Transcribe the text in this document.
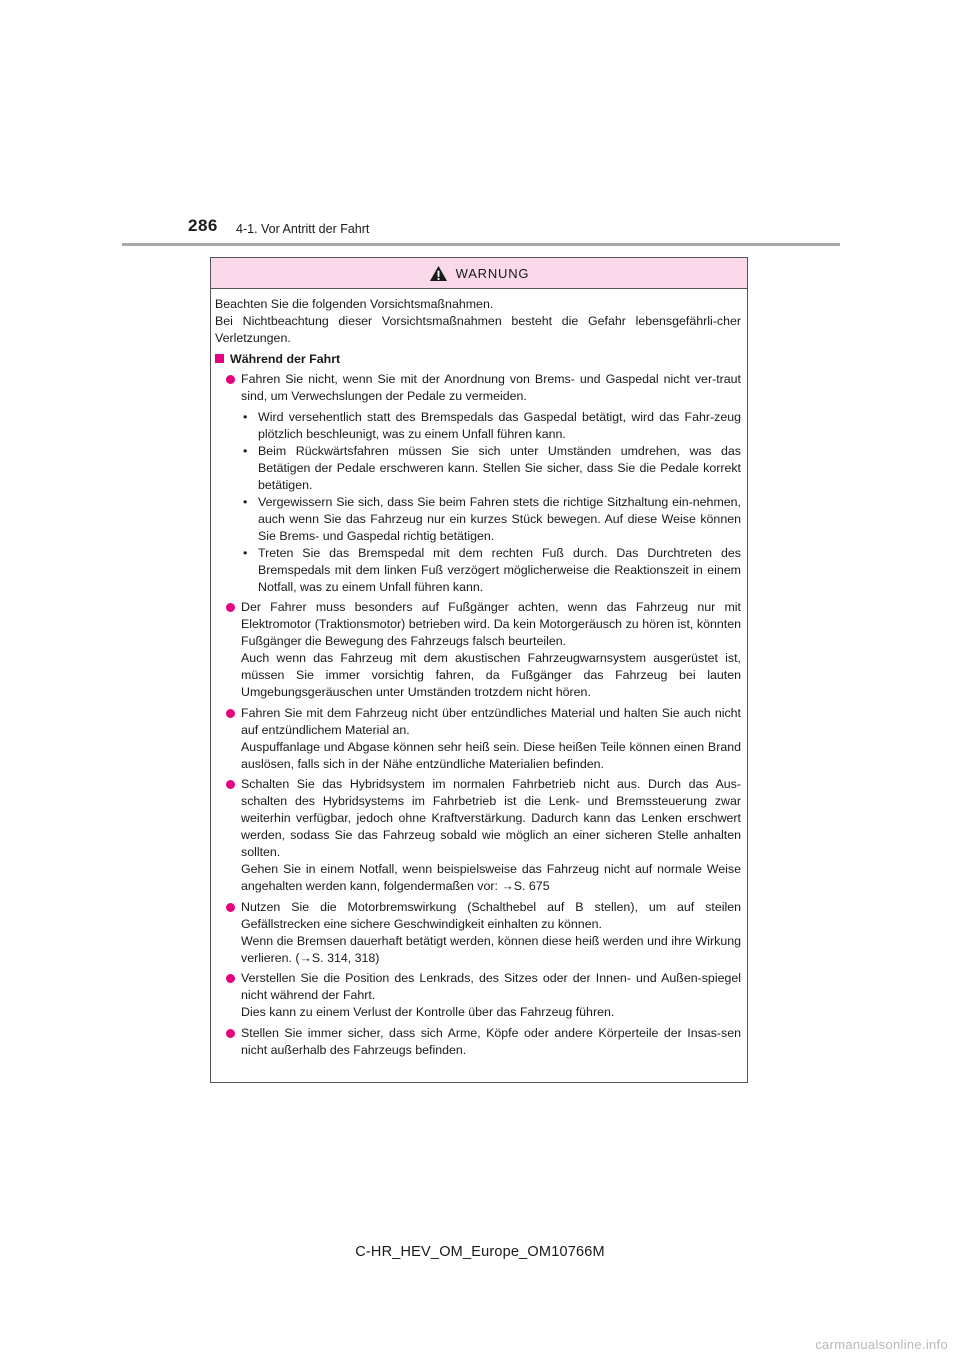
286 4-1. Vor Antritt der Fahrt
WARNUNG

Beachten Sie die folgenden Vorsichtsmaßnahmen.

Bei Nichtbeachtung dieser Vorsichtsmaßnahmen besteht die Gefahr lebensgefährli-cher Verletzungen.

Während der Fahrt

Fahren Sie nicht, wenn Sie mit der Anordnung von Brems- und Gaspedal nicht ver-traut sind, um Verwechslungen der Pedale zu vermeiden.

• Wird versehentlich statt des Bremspedals das Gaspedal betätigt, wird das Fahr-zeug plötzlich beschleunigt, was zu einem Unfall führen kann.
• Beim Rückwärtsfahren müssen Sie sich unter Umständen umdrehen, was das Betätigen der Pedale erschweren kann. Stellen Sie sicher, dass Sie die Pedale korrekt betätigen.
• Vergewissern Sie sich, dass Sie beim Fahren stets die richtige Sitzhaltung ein-nehmen, auch wenn Sie das Fahrzeug nur ein kurzes Stück bewegen. Auf diese Weise können Sie Brems- und Gaspedal richtig betätigen.
• Treten Sie das Bremspedal mit dem rechten Fuß durch. Das Durchtreten des Bremspedals mit dem linken Fuß verzögert möglicherweise die Reaktionszeit in einem Notfall, was zu einem Unfall führen kann.

Der Fahrer muss besonders auf Fußgänger achten, wenn das Fahrzeug nur mit Elektromotor (Traktionsmotor) betrieben wird. Da kein Motorgeräusch zu hören ist, könnten Fußgänger die Bewegung des Fahrzeugs falsch beurteilen.

Auch wenn das Fahrzeug mit dem akustischen Fahrzeugwarnsystem ausgerüstet ist, müssen Sie immer vorsichtig fahren, da Fußgänger das Fahrzeug bei lauten Umgebungsgeräuschen unter Umständen trotzdem nicht hören.

Fahren Sie mit dem Fahrzeug nicht über entzündliches Material und halten Sie auch nicht auf entzündlichem Material an.

Auspuffanlage und Abgase können sehr heiß sein. Diese heißen Teile können einen Brand auslösen, falls sich in der Nähe entzündliche Materialien befinden.

Schalten Sie das Hybridsystem im normalen Fahrbetrieb nicht aus. Durch das Aus-schalten des Hybridsystems im Fahrbetrieb ist die Lenk- und Bremssteuerung zwar weiterhin verfügbar, jedoch ohne Kraftverstärkung. Dadurch kann das Lenken erschwert werden, sodass Sie das Fahrzeug sobald wie möglich an einer sicheren Stelle anhalten sollten.

Gehen Sie in einem Notfall, wenn beispielsweise das Fahrzeug nicht auf normale Weise angehalten werden kann, folgendermaßen vor: →S. 675

Nutzen Sie die Motorbremswirkung (Schalthebel auf B stellen), um auf steilen Gefällstrecken eine sichere Geschwindigkeit einhalten zu können.

Wenn die Bremsen dauerhaft betätigt werden, können diese heiß werden und ihre Wirkung verlieren. (→S. 314, 318)

Verstellen Sie die Position des Lenkrads, des Sitzes oder der Innen- und Außen-spiegel nicht während der Fahrt.

Dies kann zu einem Verlust der Kontrolle über das Fahrzeug führen.

Stellen Sie immer sicher, dass sich Arme, Köpfe oder andere Körperteile der Insas-sen nicht außerhalb des Fahrzeugs befinden.

C-HR_HEV_OM_Europe_OM10766M
carmanualsonline.info
